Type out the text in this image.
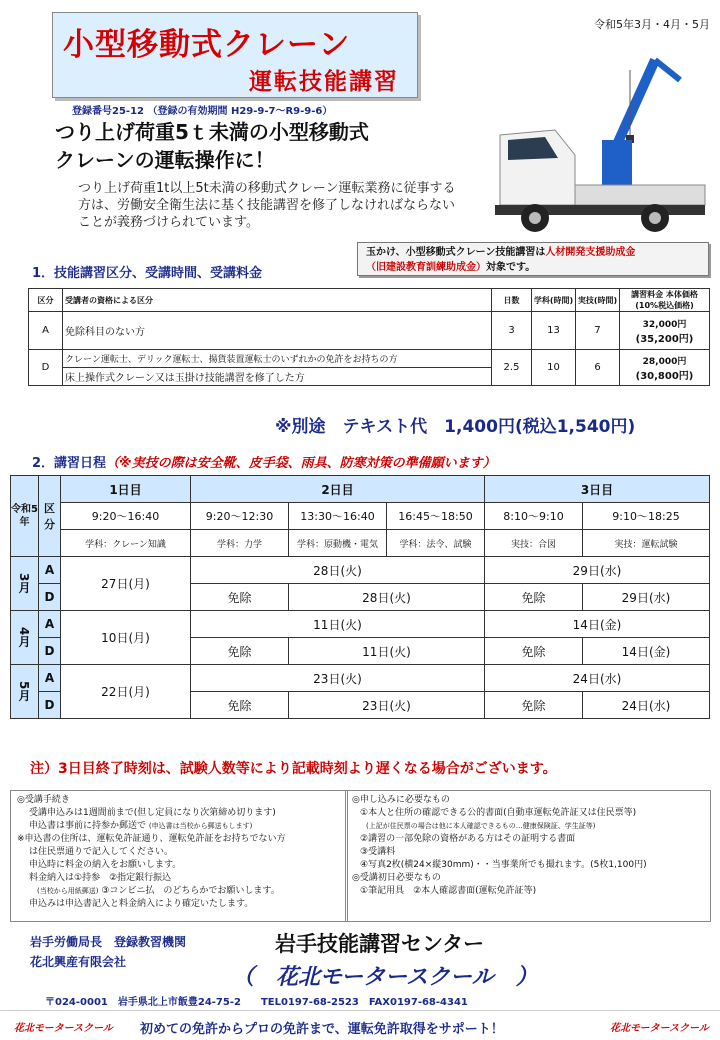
小型移動式クレーン
運転技能講習
令和5年3月・4月・5月
登録番号25-12 （登録の有効期間 H29-9-7～R9-9-6）
つり上げ荷重5ｔ未満の小型移動式
クレーンの運転操作に！
つり上げ荷重1t以上5t未満の移動式クレーン運転業務に従事する方は、労働安全衛生法に基く技能講習を修了しなければならないことが義務づけられています。
玉かけ、小型移動式クレーン技能講習は人材開発支援助成金
（旧建設教育訓練助成金）対象です。
1．技能講習区分、受講時間、受講料金
区分	受講者の資格による区分	日数	学科(時間)	実技(時間)	講習料金 本体価格 (10%税込価格)
A	免除科目のない方	3	13	7	32,000円
(35,200円)

D	クレーン運転士、デリック運転士、揚貨装置運転士のいずれかの免許をお持ちの方	2.5	10	6	28,000円
(30,800円)

	床上操作式クレーン又は玉掛け技能講習を修了した方				
※別途　テキスト代　1,400円(税込1,540円)
2．講習日程（※実技の際は安全靴、皮手袋、雨具、防寒対策の準備願います）
令和5年	区分	1日目	2日目			3日目	
		9:20～16:40	9:20～12:30	13:30～16:40	16:45～18:50	8:10～9:10	9:10～18:25
		学科：クレーン知識	学科：力学	学科：原動機・電気	学科：法令、試験	実技：合図	実技：運転試験
3月	A	27日(月)	28日(火)			29日(水)	
	D		免除	28日(火)		免除	29日(水)
4月	A	10日(月)	11日(火)			14日(金)	
	D		免除	11日(火)		免除	14日(金)
5月	A	22日(月)	23日(火)			24日(水)	
	D		免除	23日(火)		免除	24日(水)
注）3日目終了時刻は、試験人数等により記載時刻より遅くなる場合がございます。
◎受講手続き
受講申込みは1週間前まで(但し定員になり次第締め切ります)
申込書は事前に持参か郵送で (申込書は当校から郵送もします)
※申込書の住所は、運転免許証通り、運転免許証をお持ちでない方
は住民票通りで記入してください。
申込時に料金の納入をお願いします。
料金納入は①持参　②指定銀行振込
(当校から用紙郵送) ③コンビニ払　のどちらかでお願いします。
申込みは申込書記入と料金納入により確定いたします。
◎申し込みに必要なもの
①本人と住所の確認できる公的書面(自動車運転免許証又は住民票等)
(上記が住民票の場合は他に本人確認できるもの…健康保険証、学生証等)
②講習の一部免除の資格がある方はその証明する書面
③受講料
④写真2枚(横24×縦30mm)・・当事業所でも撮れます。(5枚1,100円)
◎受講初日必要なもの
①筆記用具　②本人確認書面(運転免許証等)
岩手労働局長　登録教習機関
花北興産有限会社
岩手技能講習センター
（　花北モータースクール　）
〒024-0001　岩手県北上市飯豊24-75-2　　TEL0197-68-2523　FAX0197-68-4341
花北モータースクール 初めての免許からプロの免許まで、運転免許取得をサポート！	花北モータースクール
